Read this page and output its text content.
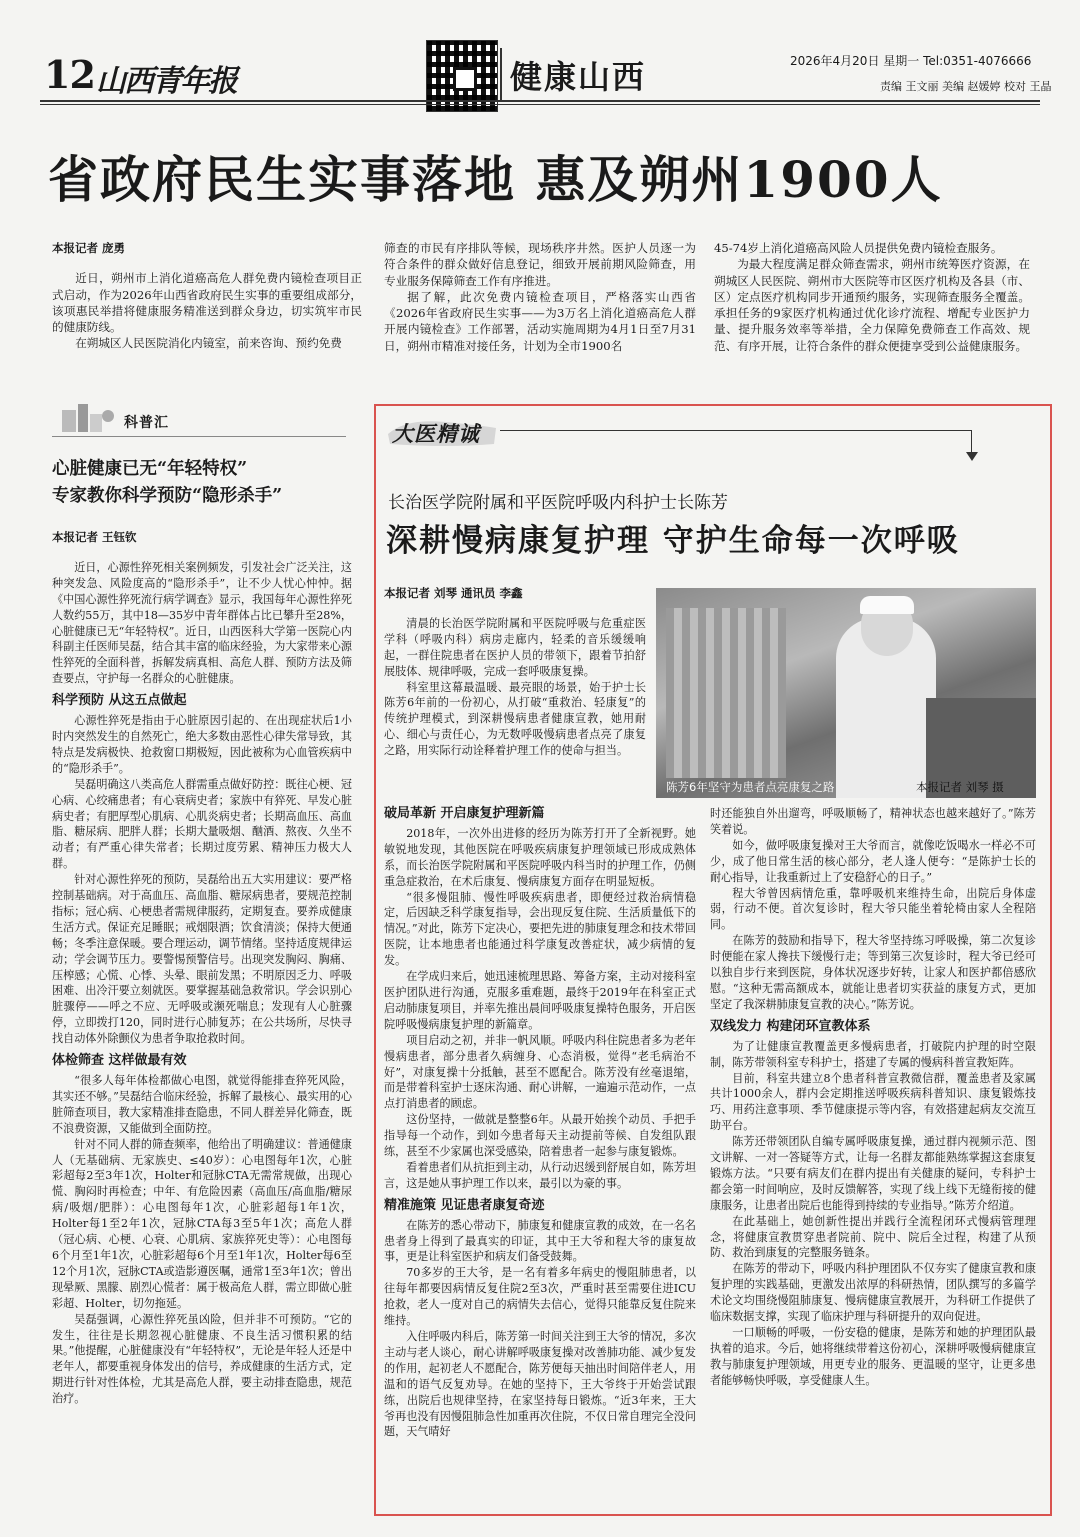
12 山西青年报	健康山西	2026年4月20日 星期一 Tel:0351-4076666
责编 王文丽 美编 赵媛婷 校对 王晶
省政府民生实事落地 惠及朔州1900人

本报记者 庞勇

近日，朔州市上消化道癌高危人群免费内镜检查项目正式启动，作为2026年山西省政府民生实事的重要组成部分，该项惠民举措将健康服务精准送到群众身边，切实筑牢市民的健康防线。

在朔城区人民医院消化内镜室，前来咨询、预约免费

筛查的市民有序排队等候，现场秩序井然。医护人员逐一为符合条件的群众做好信息登记，细致开展前期风险筛查，用专业服务保障筛查工作有序推进。

据了解，此次免费内镜检查项目，严格落实山西省《2026年省政府民生实事——为3万名上消化道癌高危人群开展内镜检查》工作部署，活动实施周期为4月1日至7月31日，朔州市精准对接任务，计划为全市1900名

45-74岁上消化道癌高风险人员提供免费内镜检查服务。

为最大程度满足群众筛查需求，朔州市统筹医疗资源，在朔城区人民医院、朔州市大医院等市区医疗机构及各县（市、区）定点医疗机构同步开通预约服务，实现筛查服务全覆盖。承担任务的9家医疗机构通过优化诊疗流程、增配专业医护力量、提升服务效率等举措，全力保障免费筛查工作高效、规范、有序开展，让符合条件的群众便捷享受到公益健康服务。

科普汇
心脏健康已无“年轻特权”
专家教你科学预防“隐形杀手”

本报记者 王钰钦

近日，心源性猝死相关案例频发，引发社会广泛关注，这种突发急、风险度高的“隐形杀手”，让不少人忧心忡忡。据《中国心源性猝死流行病学调查》显示，我国每年心源性猝死人数约55万，其中18—35岁中青年群体占比已攀升至28%，心脏健康已无“年轻特权”。近日，山西医科大学第一医院心内科副主任医师吴磊，结合其丰富的临床经验，为大家带来心源性猝死的全面科普，拆解发病真相、高危人群、预防方法及筛查要点，守护每一名群众的心脏健康。

科学预防 从这五点做起

心源性猝死是指由于心脏原因引起的、在出现症状后1小时内突然发生的自然死亡，绝大多数由恶性心律失常导致，其特点是发病极快、抢救窗口期极短，因此被称为心血管疾病中的“隐形杀手”。

吴磊明确这八类高危人群需重点做好防控：既往心梗、冠心病、心绞痛患者；有心衰病史者；家族中有猝死、早发心脏病史者；有肥厚型心肌病、心肌炎病史者；长期高血压、高血脂、糖尿病、肥胖人群；长期大量吸烟、酗酒、熬夜、久坐不动者；有严重心律失常者；长期过度劳累、精神压力极大人群。

针对心源性猝死的预防，吴磊给出五大实用建议：要严格控制基础病。对于高血压、高血脂、糖尿病患者，要规范控制指标；冠心病、心梗患者需规律服药，定期复查。要养成健康生活方式。保证充足睡眠；戒烟限酒；饮食清淡；保持大便通畅；冬季注意保暖。要合理运动，调节情绪。坚持适度规律运动；学会调节压力。要警惕预警信号。出现突发胸闷、胸痛、压榨感；心慌、心悸、头晕、眼前发黑；不明原因乏力、呼吸困难、出冷汗要立刻就医。要掌握基础急救常识。学会识别心脏骤停——呼之不应、无呼吸或濒死喘息；发现有人心脏骤停，立即拨打120，同时进行心肺复苏；在公共场所，尽快寻找自动体外除颤仪为患者争取抢救时间。

体检筛查 这样做最有效

“很多人每年体检都做心电图，就觉得能排查猝死风险，其实还不够。”吴磊结合临床经验，拆解了最核心、最实用的心脏筛查项目，教大家精准排查隐患，不同人群差异化筛查，既不浪费资源，又能做到全面防控。

针对不同人群的筛查频率，他给出了明确建议：普通健康人（无基础病、无家族史、≤40岁）：心电图每年1次，心脏彩超每2至3年1次，Holter和冠脉CTA无需常规做，出现心慌、胸闷时再检查；中年、有危险因素（高血压/高血脂/糖尿病/吸烟/肥胖）：心电图每年1次，心脏彩超每1年1次，Holter每1至2年1次，冠脉CTA每3至5年1次；高危人群（冠心病、心梗、心衰、心肌病、家族猝死史等）：心电图每6个月至1年1次，心脏彩超每6个月至1年1次，Holter每6至12个月1次，冠脉CTA或造影遵医嘱，通常1至3年1次；曾出现晕厥、黑朦、剧烈心慌者：属于极高危人群，需立即做心脏彩超、Holter，切勿拖延。

吴磊强调，心源性猝死虽凶险，但并非不可预防。“它的发生，往往是长期忽视心脏健康、不良生活习惯积累的结果。”他提醒，心脏健康没有“年轻特权”，无论是年轻人还是中老年人，都要重视身体发出的信号，养成健康的生活方式，定期进行针对性体检，尤其是高危人群，要主动排查隐患，规范治疗。

大医精诚
长治医学院附属和平医院呼吸内科护士长陈芳
深耕慢病康复护理 守护生命每一次呼吸
陈芳6年坚守为患者点亮康复之路	本报记者 刘琴 摄

本报记者 刘琴 通讯员 李鑫

清晨的长治医学院附属和平医院呼吸与危重症医学科（呼吸内科）病房走廊内，轻柔的音乐缓缓响起，一群住院患者在医护人员的带领下，跟着节拍舒展肢体、规律呼吸，完成一套呼吸康复操。

科室里这幕最温暖、最亮眼的场景，始于护士长陈芳6年前的一份初心，从打破“重救治、轻康复”的传统护理模式，到深耕慢病患者健康宣教，她用耐心、细心与责任心，为无数呼吸慢病患者点亮了康复之路，用实际行动诠释着护理工作的使命与担当。

破局革新 开启康复护理新篇

2018年，一次外出进修的经历为陈芳打开了全新视野。她敏锐地发现，其他医院在呼吸疾病康复护理领域已形成成熟体系，而长治医学院附属和平医院呼吸内科当时的护理工作，仍侧重急症救治，在术后康复、慢病康复方面存在明显短板。

“很多慢阻肺、慢性呼吸疾病患者，即便经过救治病情稳定，后因缺乏科学康复指导，会出现反复住院、生活质量低下的情况。”对此，陈芳下定决心，要把先进的肺康复理念和技术带回医院，让本地患者也能通过科学康复改善症状，减少病情的复发。

在学成归来后，她迅速梳理思路、筹备方案，主动对接科室医护团队进行沟通，克服多重难题，最终于2019年在科室正式启动肺康复项目，并率先推出晨间呼吸康复操特色服务，开启医院呼吸慢病康复护理的新篇章。

项目启动之初，并非一帆风顺。呼吸内科住院患者多为老年慢病患者，部分患者久病缠身、心态消极，觉得“老毛病治不好”，对康复操十分抵触，甚至不愿配合。陈芳没有丝毫退缩，而是带着科室护士逐床沟通、耐心讲解，一遍遍示范动作，一点点打消患者的顾虑。

这份坚持，一做就是整整6年。从最开始挨个动员、手把手指导每一个动作，到如今患者每天主动提前等候、自发组队跟练，甚至不少家属也深受感染，陪着患者一起参与康复锻炼。

看着患者们从抗拒到主动，从行动迟缓到舒展自如，陈芳坦言，这是她从事护理工作以来，最引以为豪的事。

精准施策 见证患者康复奇迹

在陈芳的悉心带动下，肺康复和健康宣教的成效，在一名名患者身上得到了最真实的印证，其中王大爷和程大爷的康复故事，更是让科室医护和病友们备受鼓舞。

70多岁的王大爷，是一名有着多年病史的慢阻肺患者，以往每年都要因病情反复住院2至3次，严重时甚至需要住进ICU抢救，老人一度对自己的病情失去信心，觉得只能靠反复住院来维持。

入住呼吸内科后，陈芳第一时间关注到王大爷的情况，多次主动与老人谈心，耐心讲解呼吸康复操对改善肺功能、减少复发的作用，起初老人不愿配合，陈芳便每天抽出时间陪伴老人，用温和的语气反复劝导。在她的坚持下，王大爷终于开始尝试跟练，出院后也规律坚持，在家坚持每日锻炼。“近3年来，王大爷再也没有因慢阻肺急性加重再次住院，不仅日常自理完全没问题，天气晴好

时还能独自外出遛弯，呼吸顺畅了，精神状态也越来越好了。”陈芳笑着说。

如今，做呼吸康复操对王大爷而言，就像吃饭喝水一样必不可少，成了他日常生活的核心部分，老人逢人便夸：“是陈护士长的耐心指导，让我重新过上了安稳舒心的日子。”

程大爷曾因病情危重，靠呼吸机来维持生命，出院后身体虚弱，行动不便。首次复诊时，程大爷只能坐着轮椅由家人全程陪同。

在陈芳的鼓励和指导下，程大爷坚持练习呼吸操，第二次复诊时便能在家人搀扶下缓慢行走；等到第三次复诊时，程大爷已经可以独自步行来到医院，身体状况逐步好转，让家人和医护都倍感欣慰。“这种无需高额成本，就能让患者切实获益的康复方式，更加坚定了我深耕肺康复宣教的决心。”陈芳说。

双线发力 构建闭环宣教体系

为了让健康宣教覆盖更多慢病患者，打破院内护理的时空限制，陈芳带领科室专科护士，搭建了专属的慢病科普宣教矩阵。

目前，科室共建立8个患者科普宣教微信群，覆盖患者及家属共计1000余人，群内会定期推送呼吸疾病科普知识、康复锻炼技巧、用药注意事项、季节健康提示等内容，有效搭建起病友交流互助平台。

陈芳还带领团队自编专属呼吸康复操，通过群内视频示范、图文讲解、一对一答疑等方式，让每一名群友都能熟练掌握这套康复锻炼方法。“只要有病友们在群内提出有关健康的疑问，专科护士都会第一时间响应，及时反馈解答，实现了线上线下无缝衔接的健康服务，让患者出院后也能得到持续的专业指导。”陈芳介绍道。

在此基础上，她创新性提出并践行全流程闭环式慢病管理理念，将健康宣教贯穿患者院前、院中、院后全过程，构建了从预防、救治到康复的完整服务链条。

在陈芳的带动下，呼吸内科护理团队不仅夯实了健康宣教和康复护理的实践基础，更激发出浓厚的科研热情，团队撰写的多篇学术论文均围绕慢阻肺康复、慢病健康宣教展开，为科研工作提供了临床数据支撑，实现了临床护理与科研提升的双向促进。

一口顺畅的呼吸，一份安稳的健康，是陈芳和她的护理团队最执着的追求。今后，她将继续带着这份初心，深耕呼吸慢病健康宣教与肺康复护理领域，用更专业的服务、更温暖的坚守，让更多患者能够畅快呼吸，享受健康人生。
